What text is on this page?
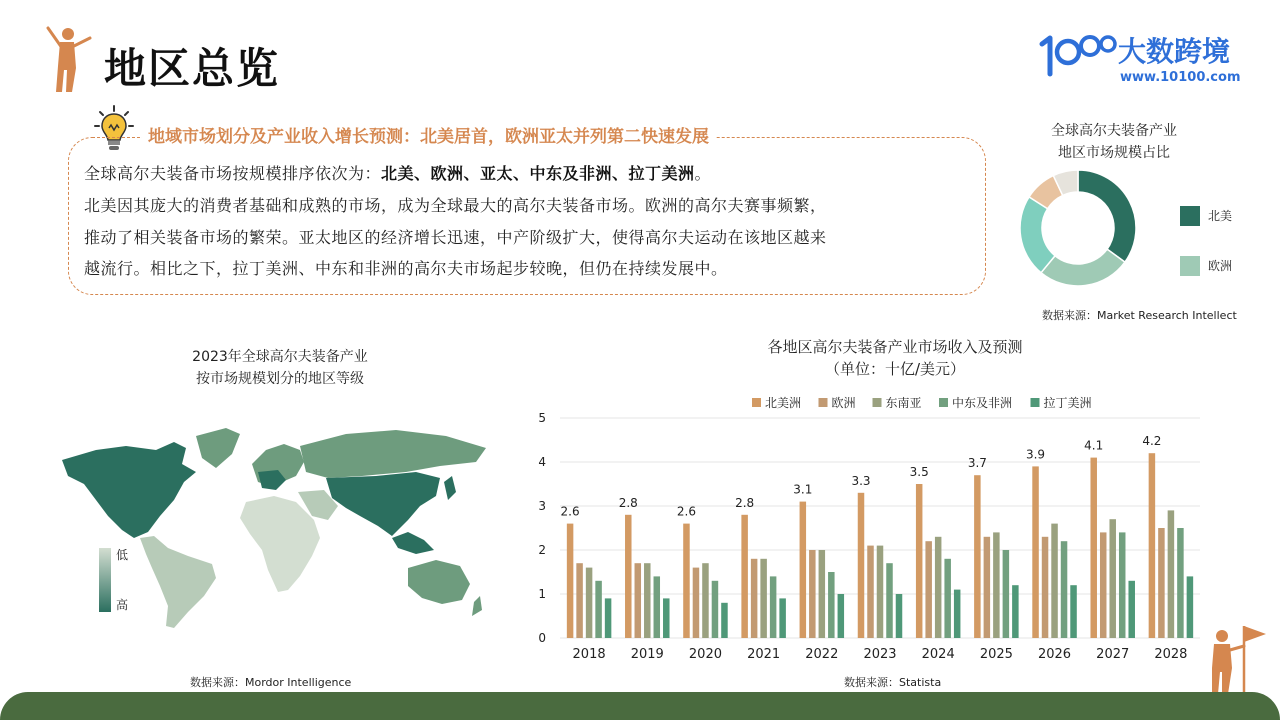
地区总览	大数跨境
www.10100.com
地域市场划分及产业收入增长预测：北美居首，欧洲亚太并列第二快速发展
全球高尔夫装备市场按规模排序依次为：北美、欧洲、亚太、中东及非洲、拉丁美洲。
北美因其庞大的消费者基础和成熟的市场，成为全球最大的高尔夫装备市场。欧洲的高尔夫赛事频繁，
推动了相关装备市场的繁荣。亚太地区的经济增长迅速，中产阶级扩大，使得高尔夫运动在该地区越来
越流行。相比之下，拉丁美洲、中东和非洲的高尔夫市场起步较晚，但仍在持续发展中。
全球高尔夫装备产业
地区市场规模占比
北美
欧洲
数据来源：Market Research Intellect
2023年全球高尔夫装备产业
按市场规模划分的地区等级
低
高
数据来源：Mordor Intelligence
各地区高尔夫装备产业市场收入及预测
（单位：十亿/美元）
北美洲	欧洲 东南亚	中东及非洲	拉丁美洲
0
1
2
3
4
5
2.6
2018
2.8
2019
2.6
2020
2.8
2021
3.1
2022
3.3
2023
3.5
2024
3.7
2025
3.9
2026
4.1
2027
4.2
2028
数据来源：Statista
